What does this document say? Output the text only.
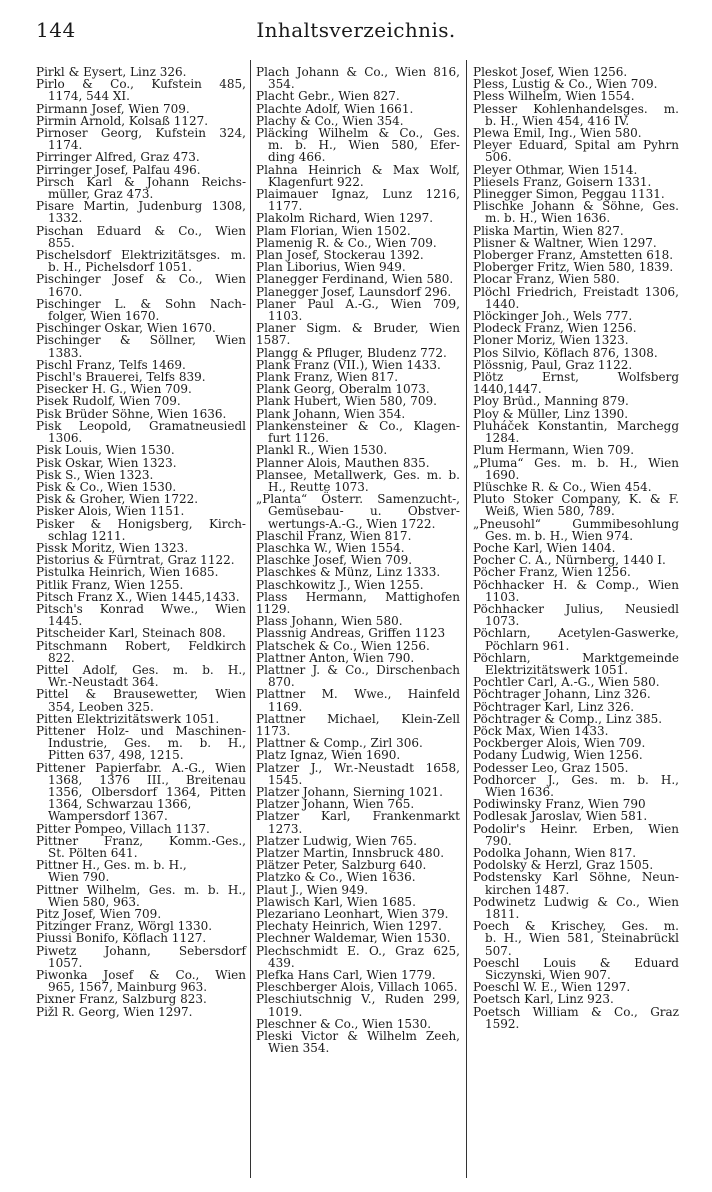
144	Inhaltsverzeichnis.
Pirkl & Eysert, Linz 326.
Pirlo & Co., Kufstein 485,
1174, 544 XI.
Pirmann Josef, Wien 709.
Pirmin Arnold, Kolsaß 1127.
Pirnoser Georg, Kufstein 324,
1174.
Pirringer Alfred, Graz 473.
Pirringer Josef, Palfau 496.
Pirsch Karl & Johann Reichs-
müller, Graz 473.
Pisare Martin, Judenburg 1308,
1332.
Pischan Eduard & Co., Wien
855.
Pischelsdorf Elektrizitätsges. m.
b. H., Pichelsdorf 1051.
Pischinger Josef & Co., Wien
1670.
Pischinger L. & Sohn Nach-
folger, Wien 1670.
Pischinger Oskar, Wien 1670.
Pischinger & Söllner, Wien
1383.
Pischl Franz, Telfs 1469.
Pischl's Brauerei, Telfs 839.
Pisecker H. G., Wien 709.
Pisek Rudolf, Wien 709.
Pisk Brüder Söhne, Wien 1636.
Pisk Leopold, Gramatneusiedl
1306.
Pisk Louis, Wien 1530.
Pisk Oskar, Wien 1323.
Pisk S., Wien 1323.
Pisk & Co., Wien 1530.
Pisk & Groher, Wien 1722.
Pisker Alois, Wien 1151.
Pisker & Honigsberg, Kirch-
schlag 1211.
Pissk Moritz, Wien 1323.
Pistorius & Fürntrat, Graz 1122.
Pistulka Heinrich, Wien 1685.
Pitlik Franz, Wien 1255.
Pitsch Franz X., Wien 1445,1433.
Pitsch's Konrad Wwe., Wien
1445.
Pitscheider Karl, Steinach 808.
Pitschmann Robert, Feldkirch
822.
Pittel Adolf, Ges. m. b. H.,
Wr.-Neustadt 364.
Pittel & Brausewetter, Wien
354, Leoben 325.
Pitten Elektrizitätswerk 1051.
Pittener Holz- und Maschinen-
Industrie, Ges. m. b. H.,
Pitten 637, 498, 1215.
Pittener Papierfabr. A.-G., Wien
1368, 1376 III., Breitenau
1356, Olbersdorf 1364, Pitten
1364, Schwarzau 1366,
Wampersdorf 1367.
Pitter Pompeo, Villach 1137.
Pittner Franz, Komm.-Ges.,
St. Pölten 641.
Pittner H., Ges. m. b. H.,
Wien 790.
Pittner Wilhelm, Ges. m. b. H.,
Wien 580, 963.
Pitz Josef, Wien 709.
Pitzinger Franz, Wörgl 1330.
Piussi Bonifo, Köflach 1127.
Piwetz Johann, Sebersdorf
1057.
Piwonka Josef & Co., Wien
965, 1567, Mainburg 963.
Pixner Franz, Salzburg 823.
Pižl R. Georg, Wien 1297.
Plach Johann & Co., Wien 816,
354.
Placht Gebr., Wien 827.
Plachte Adolf, Wien 1661.
Plachy & Co., Wien 354.
Pläcking Wilhelm & Co., Ges.
m. b. H., Wien 580, Efer-
ding 466.
Plahna Heinrich & Max Wolf,
Klagenfurt 922.
Plaimauer Ignaz, Lunz 1216,
1177.
Plakolm Richard, Wien 1297.
Plam Florian, Wien 1502.
Plamenig R. & Co., Wien 709.
Plan Josef, Stockerau 1392.
Plan Liborius, Wien 949.
Planegger Ferdinand, Wien 580.
Planegger Josef, Launsdorf 296.
Planer Paul A.-G., Wien 709,
1103.
Planer Sigm. & Bruder, Wien 1587.
Plangg & Pfluger, Bludenz 772.
Plank Franz (VII.), Wien 1433.
Plank Franz, Wien 817.
Plank Georg, Oberalm 1073.
Plank Hubert, Wien 580, 709.
Plank Johann, Wien 354.
Plankensteiner & Co., Klagen-
furt 1126.
Plankl R., Wien 1530.
Planner Alois, Mauthen 835.
Plansee, Metallwerk, Ges. m. b.
H., Reutte 1073.
„Planta“ Österr. Samenzucht-,
Gemüsebau- u. Obstver-
wertungs-A.-G., Wien 1722.
Plaschil Franz, Wien 817.
Plaschka W., Wien 1554.
Plaschke Josef, Wien 709.
Plaschkes & Münz, Linz 1333.
Plaschkowitz J., Wien 1255.
Plass Hermann, Mattighofen 1129.
Plass Johann, Wien 580.
Plassnig Andreas, Griffen 1123
Platschek & Co., Wien 1256.
Plattner Anton, Wien 790.
Plattner J. & Co., Dirschenbach
870.
Plattner M. Wwe., Hainfeld
1169.
Plattner Michael, Klein-Zell 1173.
Plattner & Comp., Zirl 306.
Platz Ignaz, Wien 1690.
Platzer J., Wr.-Neustadt 1658,
1545.
Platzer Johann, Sierning 1021.
Platzer Johann, Wien 765.
Platzer Karl, Frankenmarkt
1273.
Platzer Ludwig, Wien 765.
Platzer Martin, Innsbruck 480.
Plätzer Peter, Salzburg 640.
Platzko & Co., Wien 1636.
Plaut J., Wien 949.
Plawisch Karl, Wien 1685.
Plezariano Leonhart, Wien 379.
Plechaty Heinrich, Wien 1297.
Plechner Waldemar, Wien 1530.
Plechschmidt E. O., Graz 625,
439.
Plefka Hans Carl, Wien 1779.
Pleschberger Alois, Villach 1065.
Pleschiutschnig V., Ruden 299,
1019.
Pleschner & Co., Wien 1530.
Pleski Victor & Wilhelm Zeeh,
Wien 354.
Pleskot Josef, Wien 1256.
Pless, Lustig & Co., Wien 709.
Pless Wilhelm, Wien 1554.
Plesser Kohlenhandelsges. m.
b. H., Wien 454, 416 IV.
Plewa Emil, Ing., Wien 580.
Pleyer Eduard, Spital am Pyhrn
506.
Pleyer Othmar, Wien 1514.
Pliesels Franz, Goisern 1331.
Plinegger Simon, Peggau 1131.
Plischke Johann & Söhne, Ges.
m. b. H., Wien 1636.
Pliska Martin, Wien 827.
Plisner & Waltner, Wien 1297.
Ploberger Franz, Amstetten 618.
Ploberger Fritz, Wien 580, 1839.
Plocar Franz, Wien 580.
Plöchl Friedrich, Freistadt 1306,
1440.
Plöckinger Joh., Wels 777.
Plodeck Franz, Wien 1256.
Ploner Moriz, Wien 1323.
Plos Silvio, Köflach 876, 1308.
Plössnig, Paul, Graz 1122.
Plötz Ernst, Wolfsberg 1440,1447.
Ploy Brüd., Manning 879.
Ploy & Müller, Linz 1390.
Pluháček Konstantin, Marchegg
1284.
Plum Hermann, Wien 709.
„Pluma“ Ges. m. b. H., Wien
1690.
Plüschke R. & Co., Wien 454.
Pluto Stoker Company, K. & F.
Weiß, Wien 580, 789.
„Pneusohl“ Gummibesohlung
Ges. m. b. H., Wien 974.
Poche Karl, Wien 1404.
Pocher C. A., Nürnberg, 1440 I.
Pöcher Franz, Wien 1256.
Pöchhacker H. & Comp., Wien
1103.
Pöchhacker Julius, Neusiedl
1073.
Pöchlarn, Acetylen-Gaswerke,
Pöchlarn 961.
Pöchlarn, Marktgemeinde
Elektrizitätswerk 1051.
Pochtler Carl, A.-G., Wien 580.
Pöchtrager Johann, Linz 326.
Pöchtrager Karl, Linz 326.
Pöchtrager & Comp., Linz 385.
Pöck Max, Wien 1433.
Pockberger Alois, Wien 709.
Podany Ludwig, Wien 1256.
Podesser Leo, Graz 1505.
Podhorcer J., Ges. m. b. H.,
Wien 1636.
Podiwinsky Franz, Wien 790
Podlesak Jaroslav, Wien 581.
Podolir's Heinr. Erben, Wien
790.
Podolka Johann, Wien 817.
Podolsky & Herzl, Graz 1505.
Podstensky Karl Söhne, Neun-
kirchen 1487.
Podwinetz Ludwig & Co., Wien
1811.
Poech & Krischey, Ges. m.
b. H., Wien 581, Steinabrückl
507.
Poeschl Louis & Eduard
Siczynski, Wien 907.
Poeschl W. E., Wien 1297.
Poetsch Karl, Linz 923.
Poetsch William & Co., Graz
1592.
